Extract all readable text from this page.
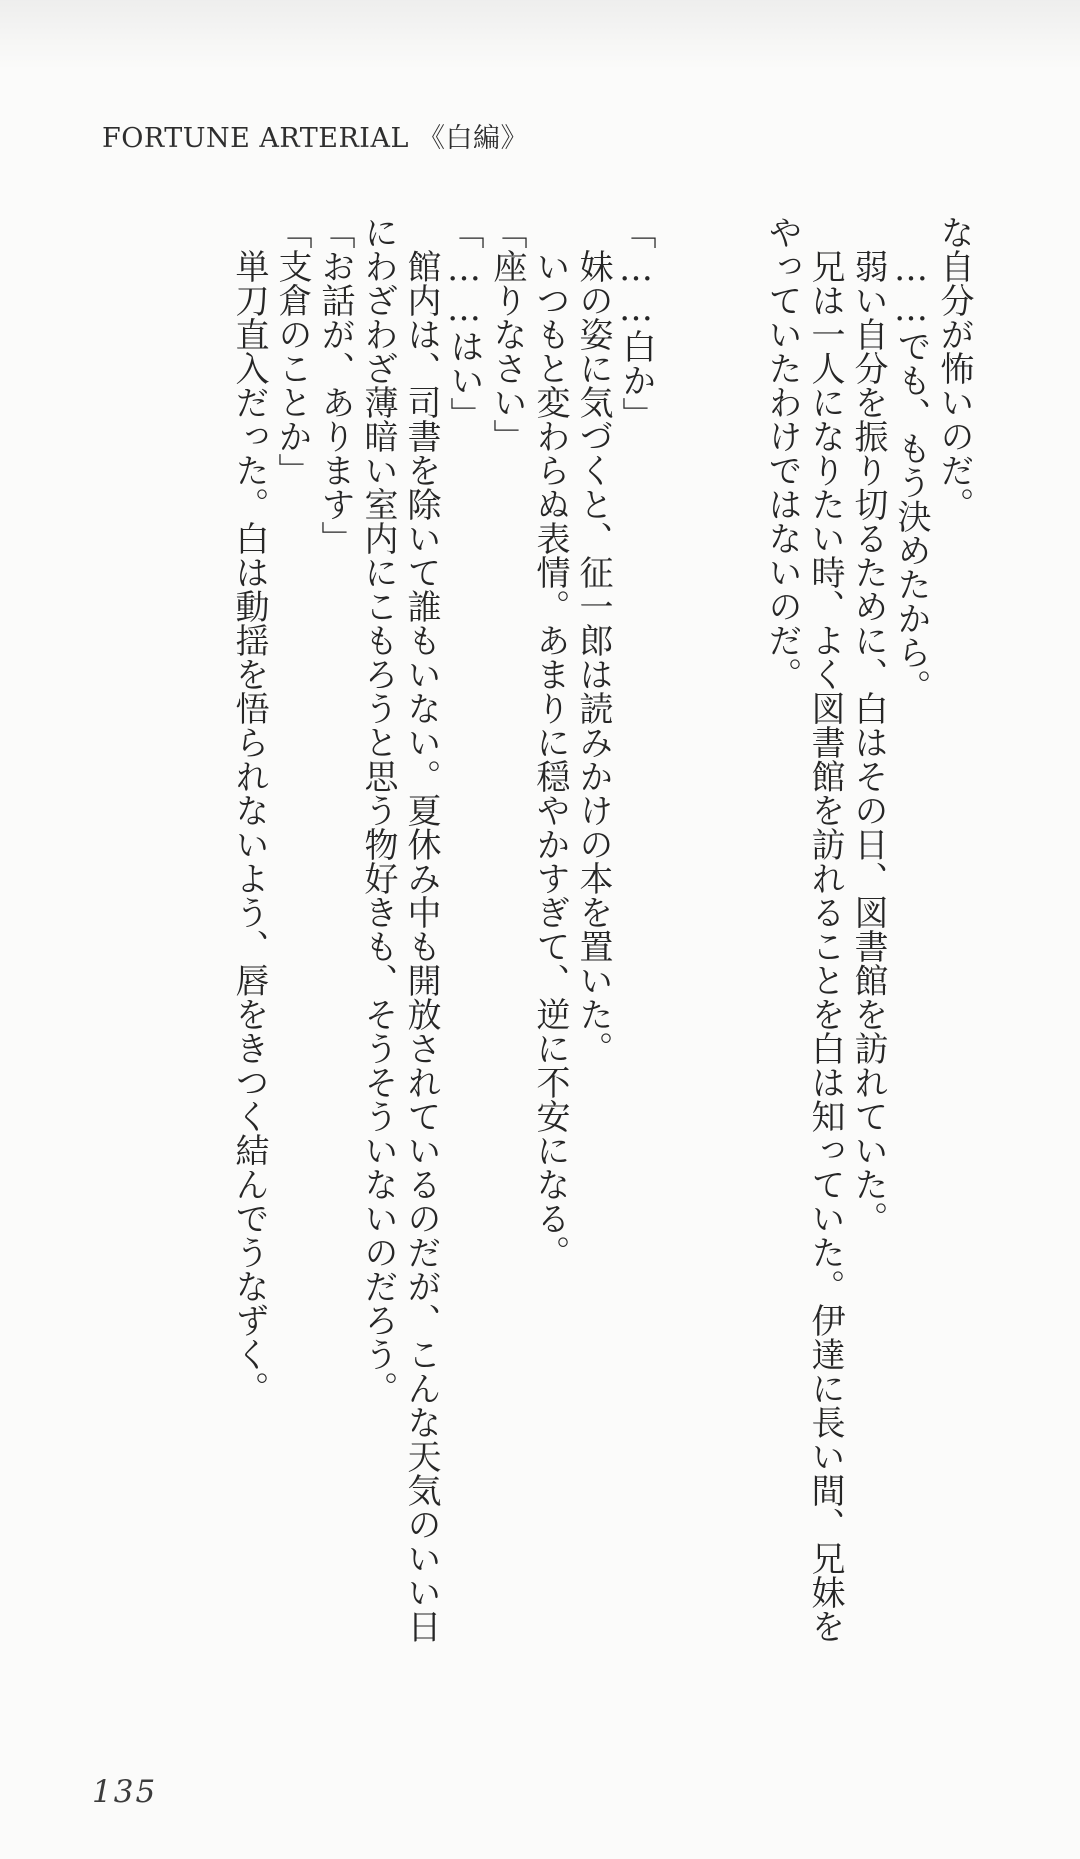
FORTUNE ARTERIAL 《白編》

な自分が怖いのだ。

……でも、もう決めたから。

弱い自分を振り切るために、白はその日、図書館を訪れていた。

兄は一人になりたい時、よく図書館を訪れることを白は知っていた。伊達に長い間、兄妹を

やっていたわけではないのだ。

「……白か」

妹の姿に気づくと、征一郎は読みかけの本を置いた。

いつもと変わらぬ表情。あまりに穏やかすぎて、逆に不安になる。

「座りなさい」

「……はい」

館内は、司書を除いて誰もいない。夏休み中も開放されているのだが、こんな天気のいい日

にわざわざ薄暗い室内にこもろうと思う物好きも、そうそういないのだろう。

「お話が、あります」

「支倉のことか」

単刀直入だった。白は動揺を悟られないよう、唇をきつく結んでうなずく。

135
